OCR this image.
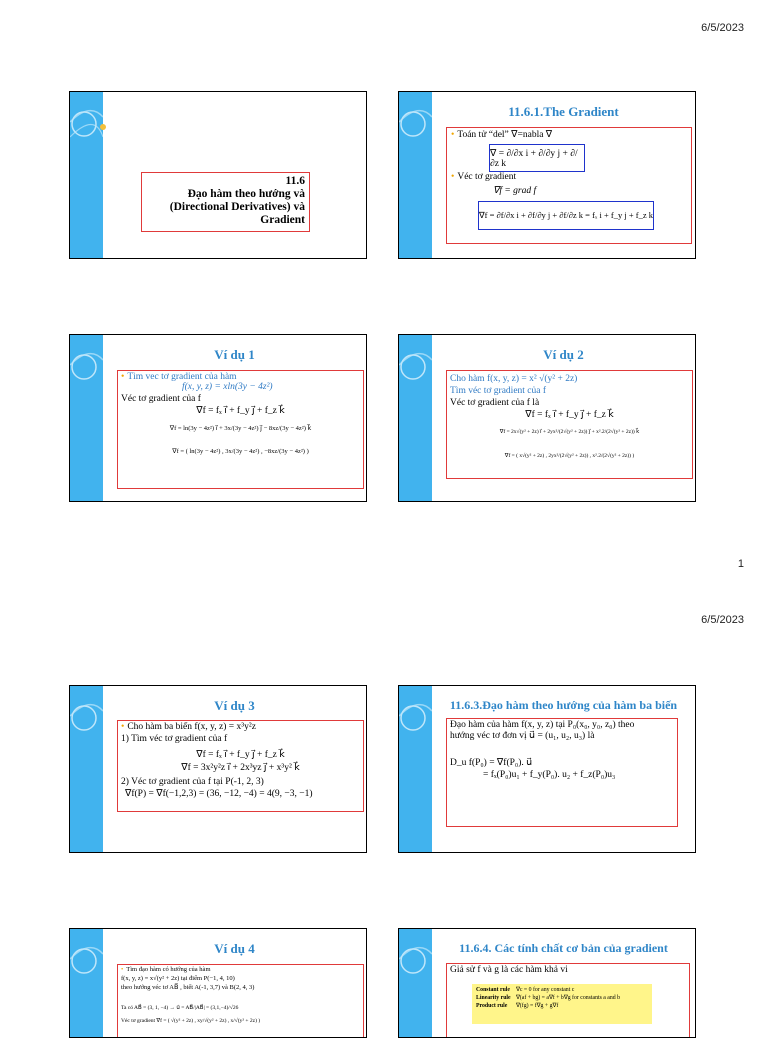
6/5/2023
11.6
Đạo hàm theo hướng và
(Directional Derivatives) và
Gradient
11.6.1.The Gradient
• Toán tử “del” ∇=nabla ∇
∇ = ∂/∂x i + ∂/∂y j + ∂/∂z k
• Véc tơ gradient
∇f = grad f
∇f = ∂f/∂x i + ∂f/∂y j + ∂f/∂z k = fₓ i + f_y j + f_z k
Ví dụ 1
• Tìm vec tơ gradient của hàm
f(x, y, z) = xln(3y − 4z²)
Véc tơ gradient của f
∇f = fₓ i⃗ + f_y j⃗ + f_z k⃗
∇f = ln(3y − 4z²) i⃗ + 3x/(3y − 4z²) j⃗ − 8xz/(3y − 4z²) k⃗
∇f = ( ln(3y − 4z²) , 3x/(3y − 4z²) , −8xz/(3y − 4z²) )
Ví dụ 2
Cho hàm f(x, y, z) = x² √(y² + 2z)
Tìm véc tơ gradient của f
Véc tơ gradient của f là
∇f = fₓ i⃗ + f_y j⃗ + f_z k⃗
∇f = 2x√(y² + 2z) i⃗ + 2yx²/(2√(y² + 2z)) j⃗ + x².2/(2√(y² + 2z)) k⃗
∇f = ( x√(y² + 2z) , 2yx²/(2√(y² + 2z)) , x².2/(2√(y² + 2z)) )
1
6/5/2023
Ví dụ 3
• Cho hàm ba biến f(x, y, z) = x³y²z
1) Tìm véc tơ gradient của f
∇f = fₓ i⃗ + f_y j⃗ + f_z k⃗
∇f = 3x²y²z i⃗ + 2x³yz j⃗ + x³y² k⃗
2) Véc tơ gradient của f tại P(-1, 2, 3)
∇f(P) = ∇f(−1,2,3) = (36, −12, −4) = 4(9, −3, −1)
11.6.3.Đạo hàm theo hướng của hàm ba biến
Đạo hàm của hàm f(x, y, z) tại P₀(x₀, y₀, z₀) theo
hướng véc tơ đơn vị u⃗ = (u₁, u₂, u₃) là
D_u f(P₀) = ∇f(P₀). u⃗
= fₓ(P₀)u₁ + f_y(P₀). u₂ + f_z(P₀)u₃
Ví dụ 4
• Tìm đạo hàm có hướng của hàm
f(x, y, z) = x√(y² + 2z) tại điểm P(−1, 4, 10)
theo hướng véc tơ AB⃗ , biết A(-1, 3,7) và B(2, 4, 3)
Ta có AB⃗ = (3, 1, −4) → u⃗ = AB⃗/|AB⃗| = (3,1,−4)/√26
Véc tơ gradient ∇f = ( √(y² + 2z) , xy/√(y² + 2z) , x/√(y² + 2z) )
11.6.4. Các tính chất cơ bản của gradient
Giả sử f và g là các hàm khả vi
Constant rule ∇c = 0 for any constant c
Linearity rule ∇(af + bg) = a∇f + b∇g for constants a and b
Product rule ∇(fg) = f∇g + g∇f
